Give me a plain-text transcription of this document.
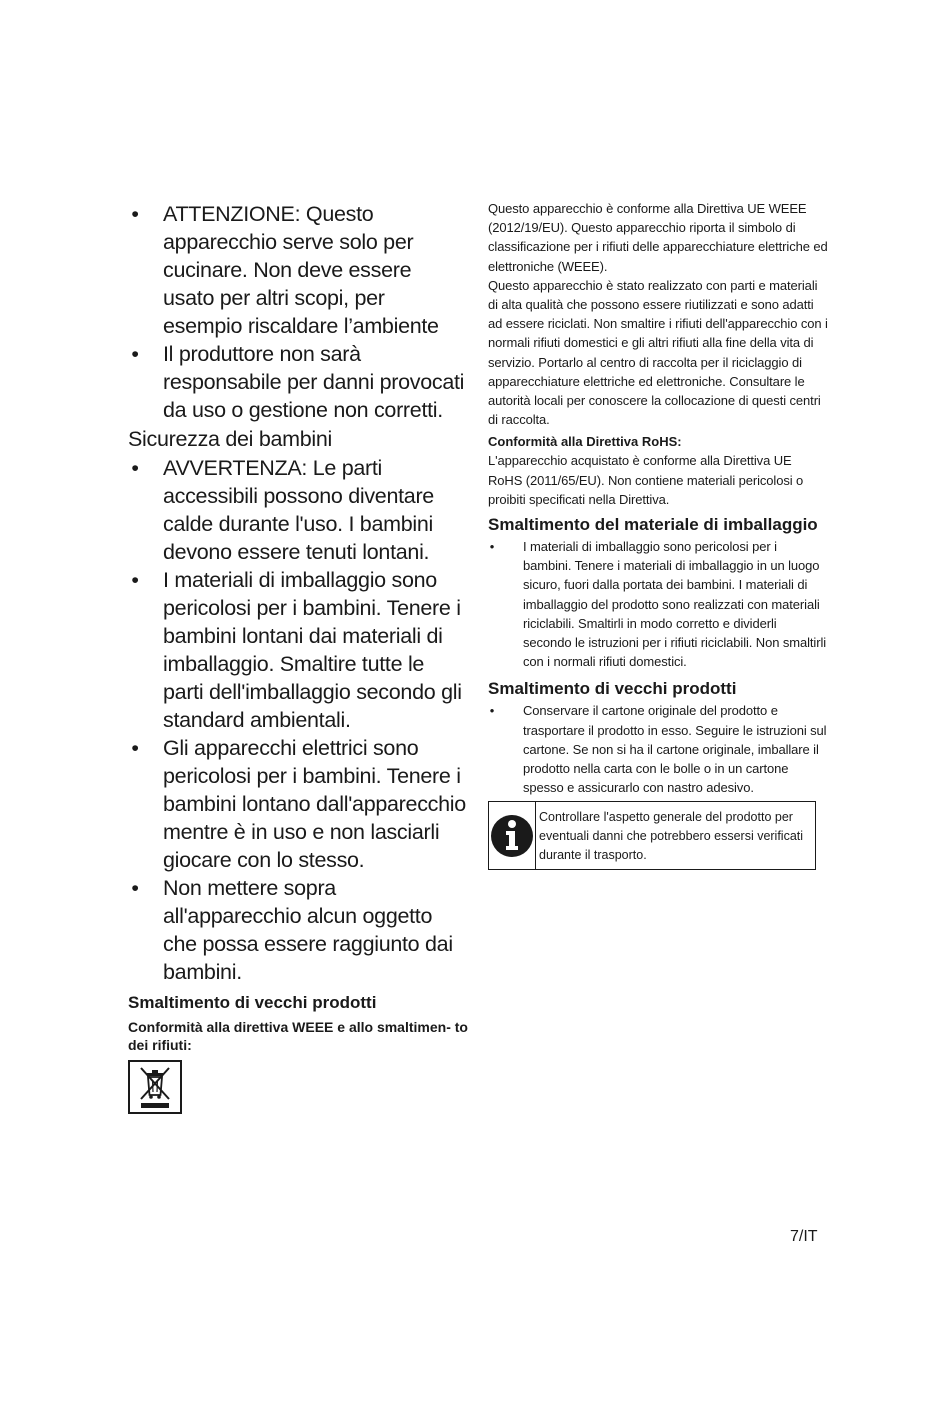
• ATTENZIONE: Questo apparecchio serve solo per cucinare. Non deve essere usato per altri scopi, per esempio riscaldare l’ambiente
• Il produttore non sarà responsabile per danni provocati da uso o gestione non corretti.
Sicurezza dei bambini
• AVVERTENZA: Le parti accessibili possono diventare calde durante l'uso. I bambini devono essere tenuti lontani.
• I materiali di imballaggio sono pericolosi per i bambini. Tenere i bambini lontani dai materiali di imballaggio. Smaltire tutte le parti dell'imballaggio secondo gli standard ambientali.
• Gli apparecchi elettrici sono pericolosi per i bambini. Tenere i bambini lontano dall'apparecchio mentre è in uso e non lasciarli giocare con lo stesso.
• Non mettere sopra all'apparecchio alcun oggetto che possa essere raggiunto dai bambini.
Smaltimento di vecchi prodotti

Conformità alla direttiva WEEE e allo smaltimen- to dei rifiuti:

Questo apparecchio è conforme alla Direttiva UE WEEE (2012/19/EU). Questo apparecchio riporta il simbolo di classificazione per i rifiuti delle apparecchiature elettriche ed elettroniche (WEEE).

Questo apparecchio è stato realizzato con parti e materiali di alta qualità che possono essere riutilizzati e sono adatti ad essere riciclati. Non smaltire i rifiuti dell'apparecchio con i normali rifiuti domestici e gli altri rifiuti alla fine della vita di servizio. Portarlo al centro di raccolta per il riciclaggio di apparecchiature elettriche ed elettroniche. Consultare le autorità locali per conoscere la collocazione di questi centri di raccolta.

Conformità alla Direttiva RoHS:

L'apparecchio acquistato è conforme alla Direttiva UE RoHS (2011/65/EU). Non contiene materiali pericolosi o proibiti specificati nella Direttiva.

Smaltimento del materiale di imballaggio
• I materiali di imballaggio sono pericolosi per i bambini. Tenere i materiali di imballaggio in un luogo sicuro, fuori dalla portata dei bambini. I materiali di imballaggio del prodotto sono realizzati con materiali riciclabili. Smaltirli in modo corretto e dividerli secondo le istruzioni per i rifiuti riciclabili. Non smaltirli con i normali rifiuti domestici.
Smaltimento di vecchi prodotti
• Conservare il cartone originale del prodotto e trasportare il prodotto in esso. Seguire le istruzioni sul cartone. Se non si ha il cartone originale, imballare il prodotto nella carta con le bolle o in un cartone spesso e assicurarlo con nastro adesivo.
Controllare l'aspetto generale del prodotto per eventuali danni che potrebbero essersi verificati durante il trasporto.
7/IT
